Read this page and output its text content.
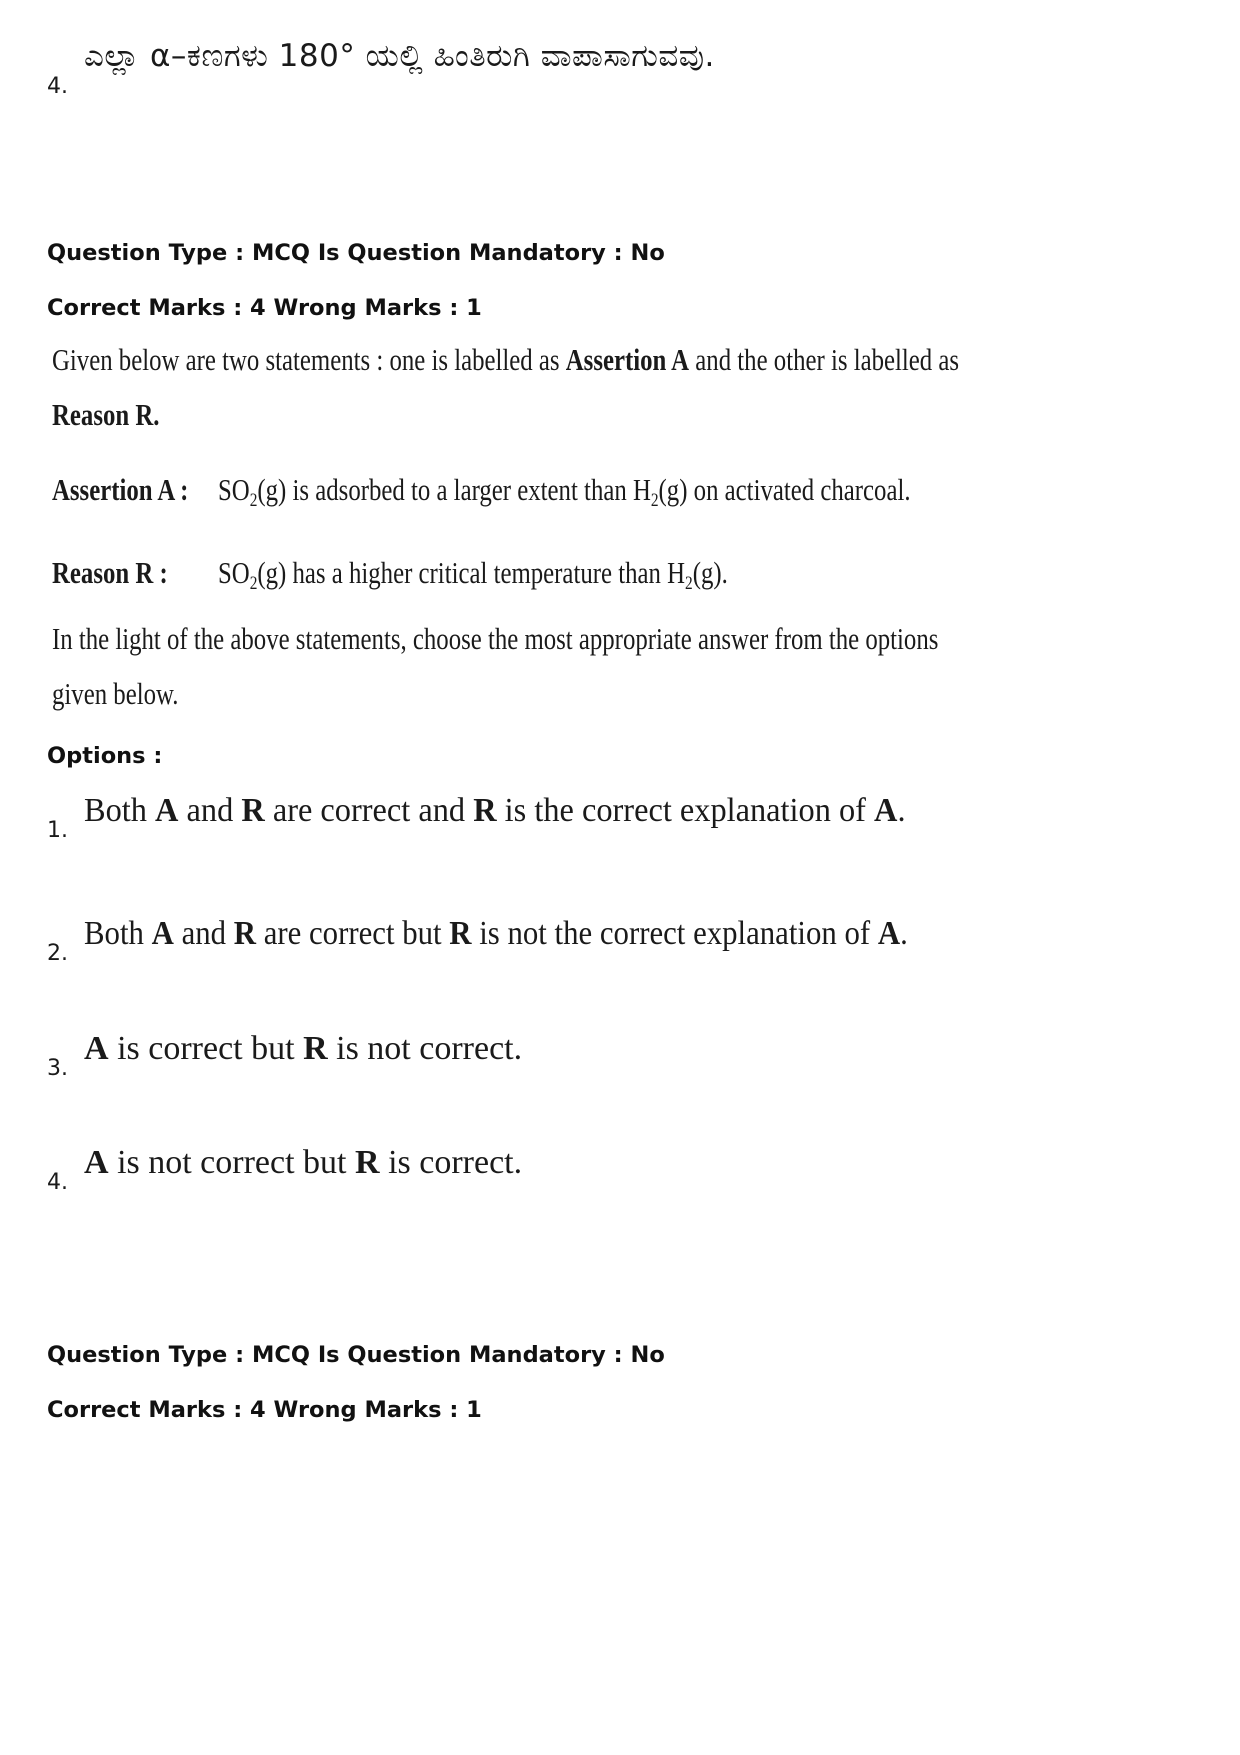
4.
ಎಲ್ಲಾ α–ಕಣಗಳು 180° ಯಲ್ಲಿ ಹಿಂತಿರುಗಿ ವಾಪಾಸಾಗುವವು.
Question Type : MCQ Is Question Mandatory : No
Correct Marks : 4 Wrong Marks : 1
Given below are two statements : one is labelled as Assertion A and the other is labelled as
Reason R.
Assertion A : $SO_2(g)$ is adsorbed to a larger extent than $H_2(g)$ on activated charcoal.
Reason R : $SO_2(g)$ has a higher critical temperature than $H_2(g)$.
In the light of the above statements, choose the most appropriate answer from the options
given below.
Options :
1.
Both A and R are correct and R is the correct explanation of A.
2.
Both A and R are correct but R is not the correct explanation of A.
3.
A is correct but R is not correct.
4.
A is not correct but R is correct.
Question Type : MCQ Is Question Mandatory : No
Correct Marks : 4 Wrong Marks : 1
